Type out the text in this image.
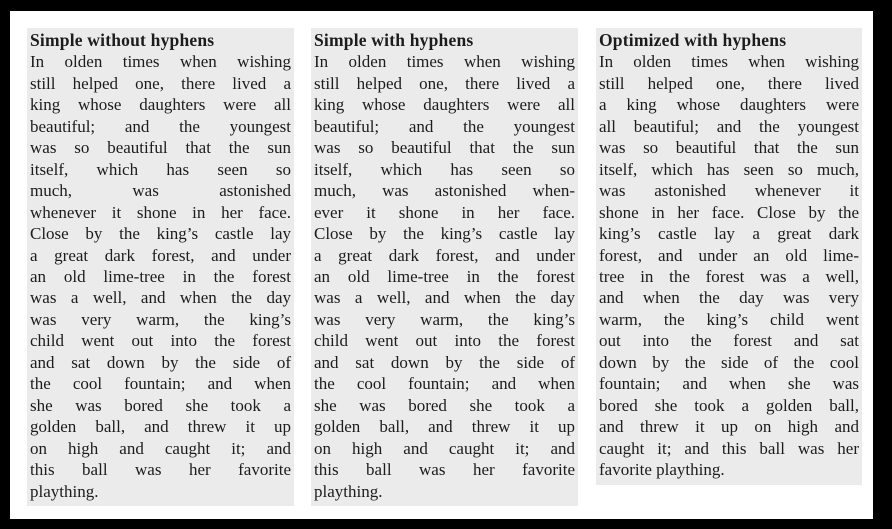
Simple without hyphens
In olden times when wishing
still helped one, there lived a
king whose daughters were all
beautiful; and the youngest
was so beautiful that the sun
itself, which has seen so
much, was astonished
whenever it shone in her face.
Close by the king’s castle lay
a great dark forest, and under
an old lime-tree in the forest
was a well, and when the day
was very warm, the king’s
child went out into the forest
and sat down by the side of
the cool fountain; and when
she was bored she took a
golden ball, and threw it up
on high and caught it; and
this ball was her favorite
plaything.
Simple with hyphens
In olden times when wishing
still helped one, there lived a
king whose daughters were all
beautiful; and the youngest
was so beautiful that the sun
itself, which has seen so
much, was astonished when-
ever it shone in her face.
Close by the king’s castle lay
a great dark forest, and under
an old lime-tree in the forest
was a well, and when the day
was very warm, the king’s
child went out into the forest
and sat down by the side of
the cool fountain; and when
she was bored she took a
golden ball, and threw it up
on high and caught it; and
this ball was her favorite
plaything.
Optimized with hyphens
In olden times when wishing
still helped one, there lived
a king whose daughters were
all beautiful; and the youngest
was so beautiful that the sun
itself, which has seen so much,
was astonished whenever it
shone in her face. Close by the
king’s castle lay a great dark
forest, and under an old lime-
tree in the forest was a well,
and when the day was very
warm, the king’s child went
out into the forest and sat
down by the side of the cool
fountain; and when she was
bored she took a golden ball,
and threw it up on high and
caught it; and this ball was her
favorite plaything.
